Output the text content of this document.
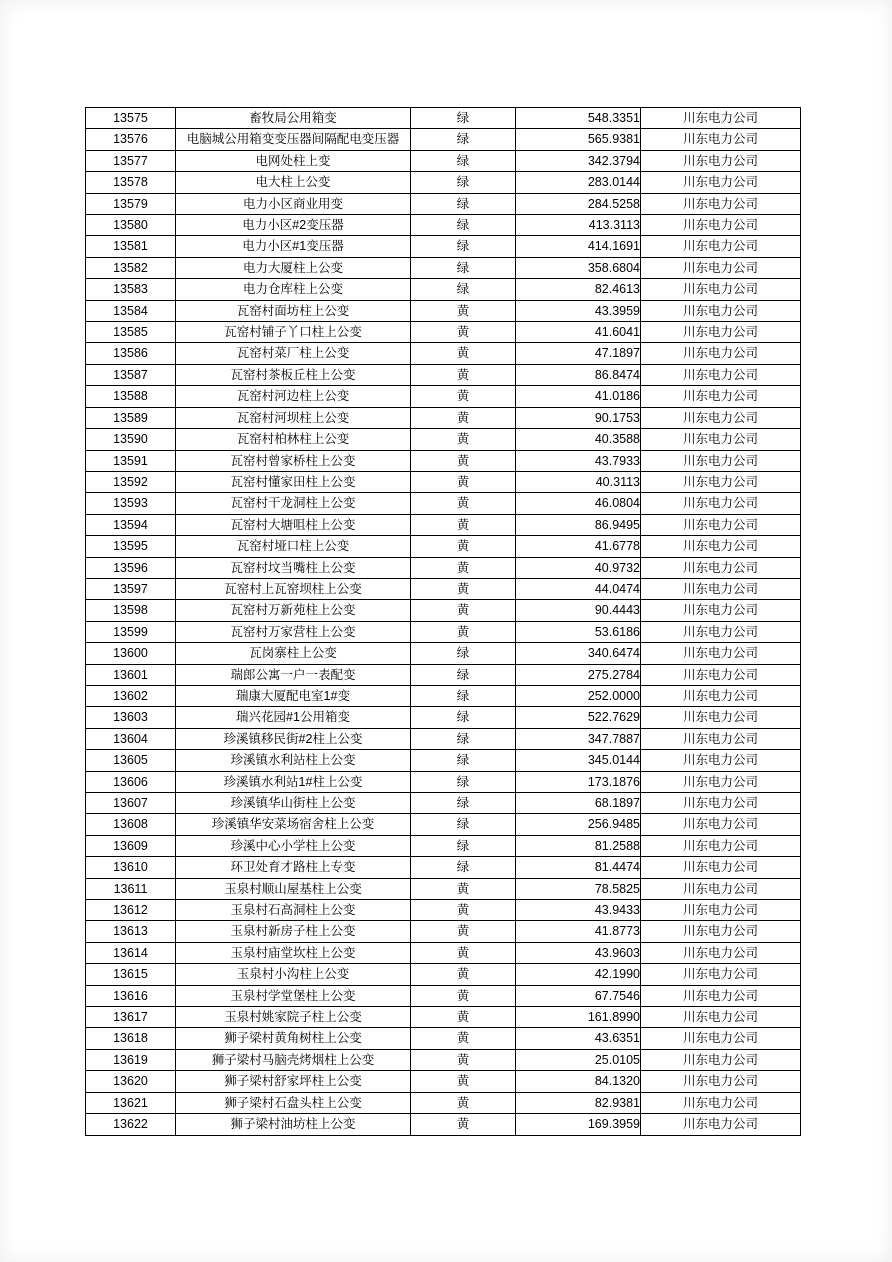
13575	畜牧局公用箱变	绿	548.3351	川东电力公司
13576	电脑城公用箱变变压器间隔配电变压器	绿	565.9381	川东电力公司
13577	电网处柱上变	绿	342.3794	川东电力公司
13578	电大柱上公变	绿	283.0144	川东电力公司
13579	电力小区商业用变	绿	284.5258	川东电力公司
13580	电力小区#2变压器	绿	413.3113	川东电力公司
13581	电力小区#1变压器	绿	414.1691	川东电力公司
13582	电力大厦柱上公变	绿	358.6804	川东电力公司
13583	电力仓库柱上公变	绿	82.4613	川东电力公司
13584	瓦窑村面坊柱上公变	黄	43.3959	川东电力公司
13585	瓦窑村铺子丫口柱上公变	黄	41.6041	川东电力公司
13586	瓦窑村菜厂柱上公变	黄	47.1897	川东电力公司
13587	瓦窑村茶板丘柱上公变	黄	86.8474	川东电力公司
13588	瓦窑村河边柱上公变	黄	41.0186	川东电力公司
13589	瓦窑村河坝柱上公变	黄	90.1753	川东电力公司
13590	瓦窑村柏林柱上公变	黄	40.3588	川东电力公司
13591	瓦窑村曾家桥柱上公变	黄	43.7933	川东电力公司
13592	瓦窑村懂家田柱上公变	黄	40.3113	川东电力公司
13593	瓦窑村干龙洞柱上公变	黄	46.0804	川东电力公司
13594	瓦窑村大塘咀柱上公变	黄	86.9495	川东电力公司
13595	瓦窑村垭口柱上公变	黄	41.6778	川东电力公司
13596	瓦窑村坟当嘴柱上公变	黄	40.9732	川东电力公司
13597	瓦窑村上瓦窑坝柱上公变	黄	44.0474	川东电力公司
13598	瓦窑村万新苑柱上公变	黄	90.4443	川东电力公司
13599	瓦窑村万家营柱上公变	黄	53.6186	川东电力公司
13600	瓦岗寨柱上公变	绿	340.6474	川东电力公司
13601	瑞郎公寓一户一表配变	绿	275.2784	川东电力公司
13602	瑞康大厦配电室1#变	绿	252.0000	川东电力公司
13603	瑞兴花园#1公用箱变	绿	522.7629	川东电力公司
13604	珍溪镇移民街#2柱上公变	绿	347.7887	川东电力公司
13605	珍溪镇水利站柱上公变	绿	345.0144	川东电力公司
13606	珍溪镇水利站1#柱上公变	绿	173.1876	川东电力公司
13607	珍溪镇华山街柱上公变	绿	68.1897	川东电力公司
13608	珍溪镇华安菜场宿舍柱上公变	绿	256.9485	川东电力公司
13609	珍溪中心小学柱上公变	绿	81.2588	川东电力公司
13610	环卫处育才路柱上专变	绿	81.4474	川东电力公司
13611	玉泉村顺山屋基柱上公变	黄	78.5825	川东电力公司
13612	玉泉村石高洞柱上公变	黄	43.9433	川东电力公司
13613	玉泉村新房子柱上公变	黄	41.8773	川东电力公司
13614	玉泉村庙堂坎柱上公变	黄	43.9603	川东电力公司
13615	玉泉村小沟柱上公变	黄	42.1990	川东电力公司
13616	玉泉村学堂堡柱上公变	黄	67.7546	川东电力公司
13617	玉泉村姚家院子柱上公变	黄	161.8990	川东电力公司
13618	狮子梁村黄角树柱上公变	黄	43.6351	川东电力公司
13619	狮子梁村马脑壳烤烟柱上公变	黄	25.0105	川东电力公司
13620	狮子梁村舒家坪柱上公变	黄	84.1320	川东电力公司
13621	狮子梁村石盘头柱上公变	黄	82.9381	川东电力公司
13622	狮子梁村油坊柱上公变	黄	169.3959	川东电力公司
